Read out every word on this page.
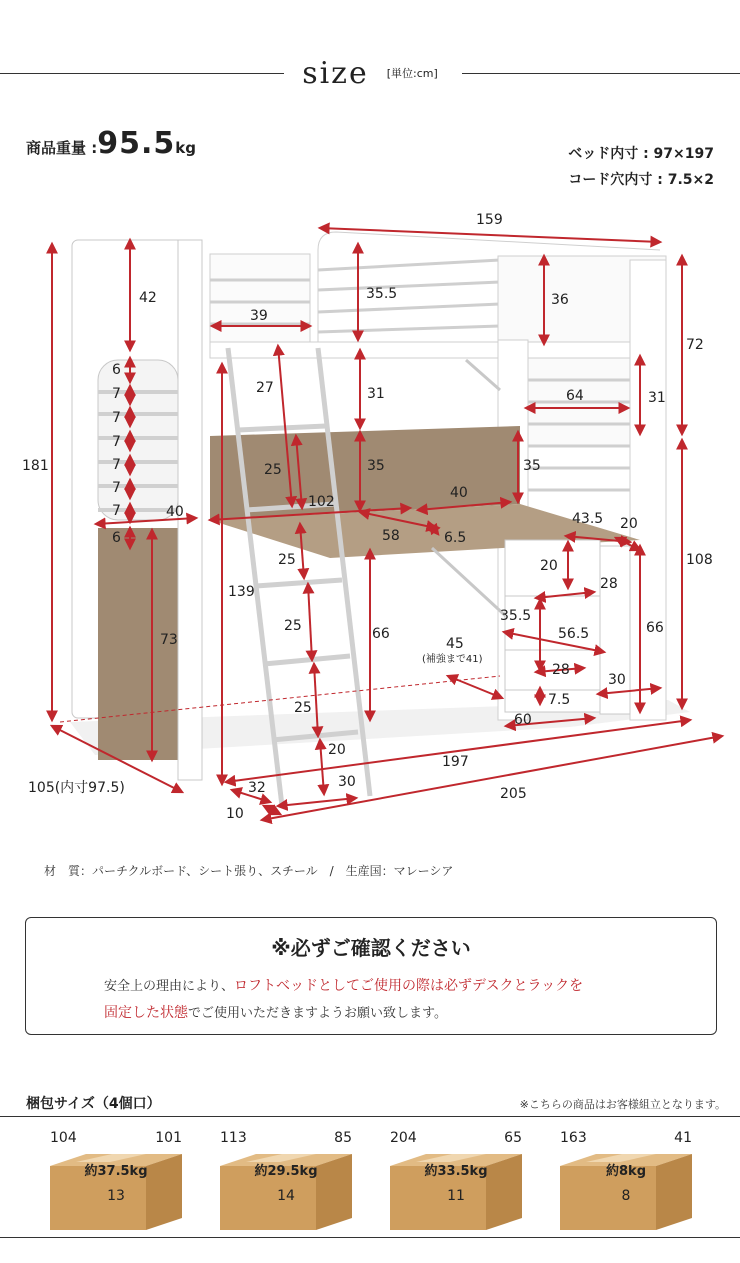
size [単位:cm]
商品重量 :95.5kg	ベッド内寸 : 97×197
コード穴内寸 : 7.5×2
159
42	35.5	36
72
39
6
7
7
7
7
7
7
6
27	31	64	31
181	25	35	35
102
40
40
58	6.5
43.5 20
108
20
28
25
139
73
35.5
56.5
25	66	66
45
(補強まで41)
28
30
7.5
25
60
20
197
105(内寸97.5)	32	30
205
10
材　質：パーチクルボード、シート張り、スチール　/　生産国：マレーシア
※必ずご確認ください
安全上の理由により、ロフトベッドとしてご使用の際は必ずデスクとラックを
固定した状態でご使用いただきますようお願い致します。
梱包サイズ（4個口）	※こちらの商品はお客様組立となります。
104	101
約37.5kg
13
113	85
約29.5kg
14
204	65
約33.5kg
11
163	41
約8kg
8
